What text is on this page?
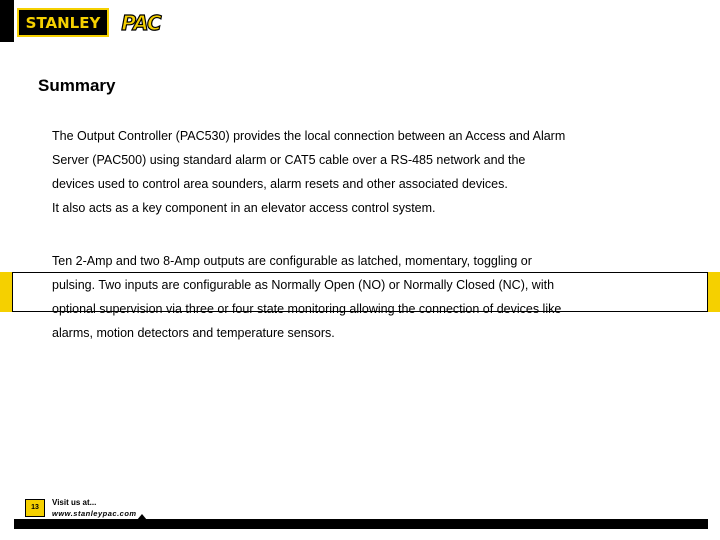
STANLEY	PAC
Summary

The Output Controller (PAC530) provides the local connection between an Access and Alarm

Server (PAC500) using standard alarm or CAT5 cable over a RS-485 network and the

devices used to control area sounders, alarm resets and other associated devices.

It also acts as a key component in an elevator access control system.

Ten 2-Amp and two 8-Amp outputs are configurable as latched, momentary, toggling or

pulsing. Two inputs are configurable as Normally Open (NO) or Normally Closed (NC), with

optional supervision via three or four state monitoring allowing the connection of devices like

alarms, motion detectors and temperature sensors.

13
Visit us at...
www.stanleypac.com
